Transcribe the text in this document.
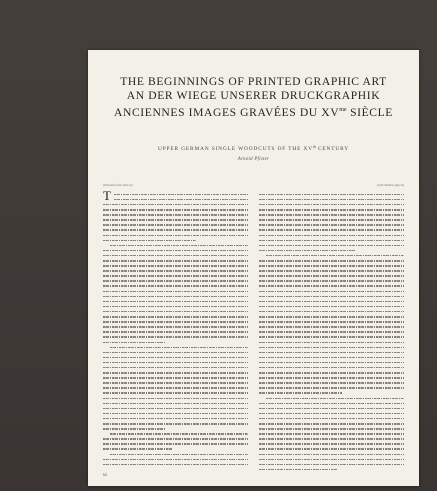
THE BEGINNINGS OF PRINTED GRAPHIC ART
AN DER WIEGE UNSERER DRUCKGRAPHIK
ANCIENNES IMAGES GRAVÉES DU $XV^{me}$ SIÈCLE
UPPER GERMAN SINGLE WOODCUTS OF THE XVth CENTURY
Arnold Pfister
[Illustration from: Swiss 22]	[Color Woodcut, page 24]
T
62
